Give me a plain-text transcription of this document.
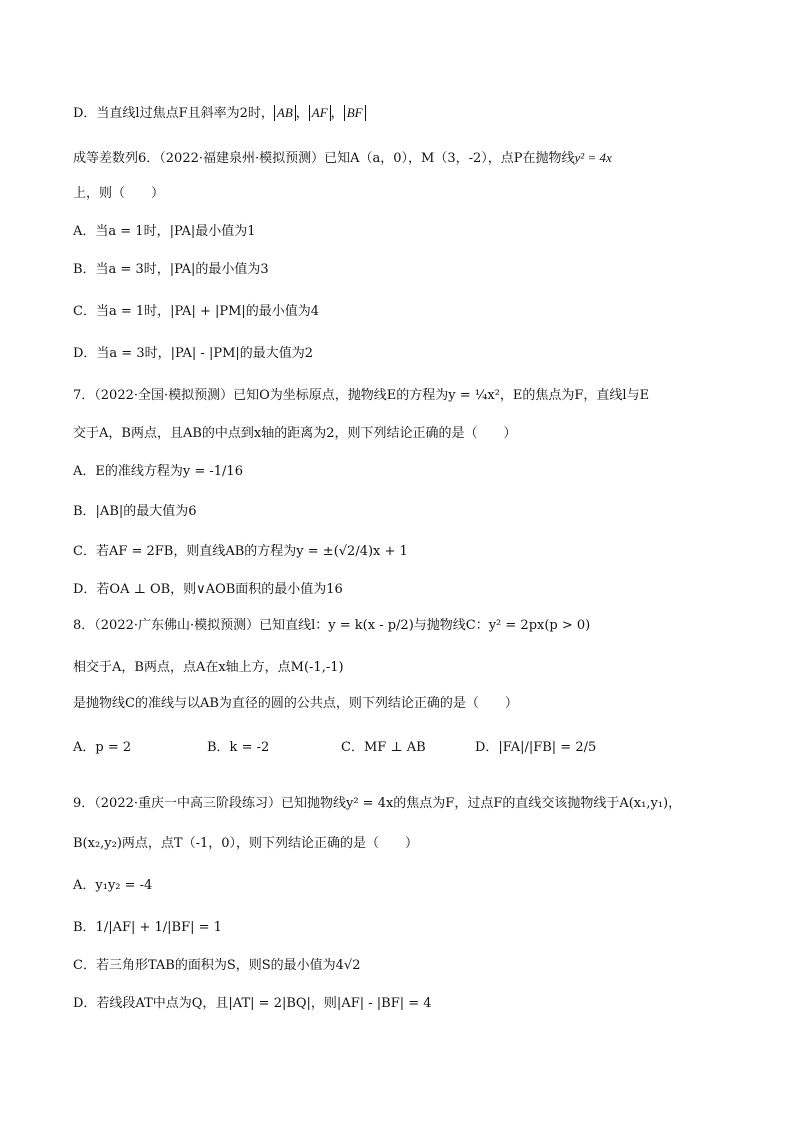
D．当直线l过焦点F且斜率为2时， AB ， AF ， BF
成等差数列6．（2022·福建泉州·模拟预测）已知A（a，0），M（3，-2），点P在抛物线y² = 4x
上，则（　　）
A．当a = 1时，|PA|最小值为1
B．当a = 3时，|PA|的最小值为3
C．当a = 1时，|PA| + |PM|的最小值为4
D．当a = 3时，|PA| - |PM|的最大值为2
7．（2022·全国·模拟预测）已知O为坐标原点，抛物线E的方程为y = ¼x²，E的焦点为F，直线l与E
交于A，B两点，且AB的中点到x轴的距离为2，则下列结论正确的是（　　）
A．E的准线方程为y = -1/16
B．|AB|的最大值为6
C．若AF = 2FB，则直线AB的方程为y = ±(√2/4)x + 1
D．若OA ⊥ OB，则∨AOB面积的最小值为16
8．（2022·广东佛山·模拟预测）已知直线l：y = k(x - p/2)与抛物线C：y² = 2px(p > 0)
相交于A，B两点，点A在x轴上方，点M(-1,-1)
是抛物线C的准线与以AB为直径的圆的公共点，则下列结论正确的是（　　）
A．p = 2	B．k = -2	C．MF ⊥ AB	D．|FA|/|FB| = 2/5
9．（2022·重庆一中高三阶段练习）已知抛物线y² = 4x的焦点为F，过点F的直线交该抛物线于A(x₁,y₁)，
B(x₂,y₂)两点，点T（-1，0），则下列结论正确的是（　　）
A．y₁y₂ = -4
B．1/|AF| + 1/|BF| = 1
C．若三角形TAB的面积为S，则S的最小值为4√2
D．若线段AT中点为Q，且|AT| = 2|BQ|，则|AF| - |BF| = 4
